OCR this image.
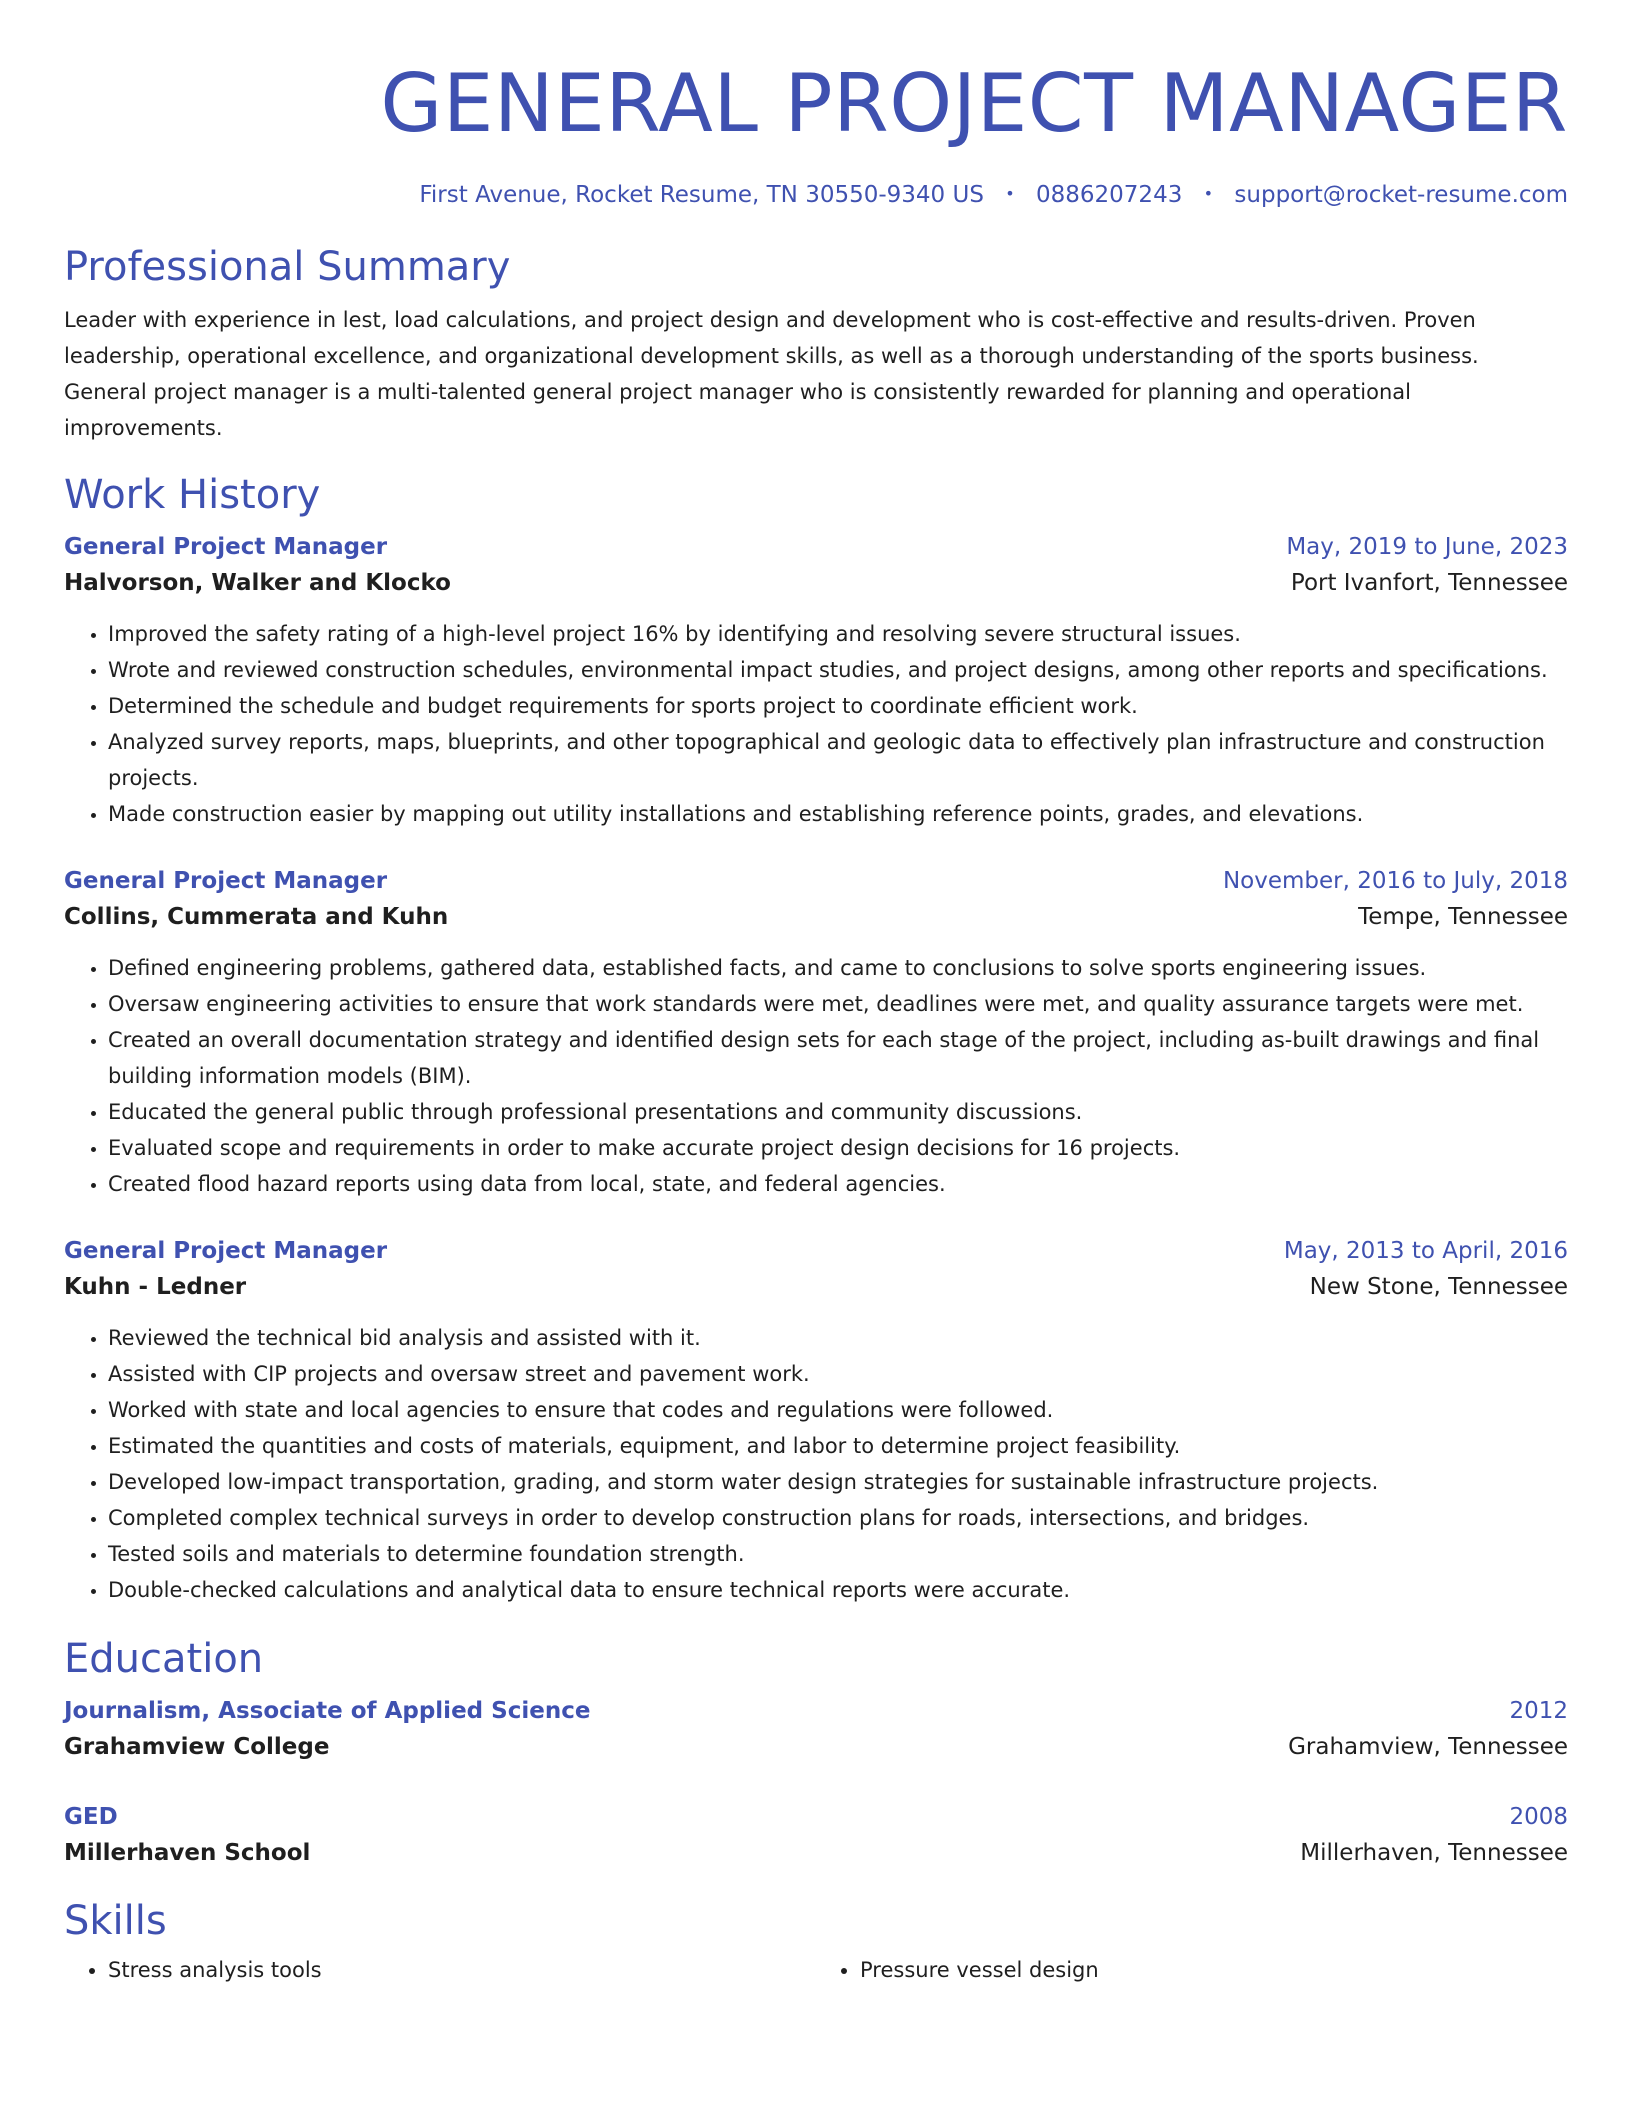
GENERAL PROJECT MANAGER
First Avenue, Rocket Resume, TN 30550-9340 US • 0886207243 • support@rocket-resume.com
Professional Summary

Leader with experience in lest, load calculations, and project design and development who is cost-effective and results-driven. Proven leadership, operational excellence, and organizational development skills, as well as a thorough understanding of the sports business. General project manager is a multi-talented general project manager who is consistently rewarded for planning and operational improvements.

Work History
General Project Manager	May, 2019 to June, 2023
Halvorson, Walker and Klocko	Port Ivanfort, Tennessee
• Improved the safety rating of a high-level project 16% by identifying and resolving severe structural issues.
• Wrote and reviewed construction schedules, environmental impact studies, and project designs, among other reports and specifications.
• Determined the schedule and budget requirements for sports project to coordinate efficient work.
• Analyzed survey reports, maps, blueprints, and other topographical and geologic data to effectively plan infrastructure and construction projects.
• Made construction easier by mapping out utility installations and establishing reference points, grades, and elevations.
General Project Manager	November, 2016 to July, 2018
Collins, Cummerata and Kuhn	Tempe, Tennessee
• Defined engineering problems, gathered data, established facts, and came to conclusions to solve sports engineering issues.
• Oversaw engineering activities to ensure that work standards were met, deadlines were met, and quality assurance targets were met.
• Created an overall documentation strategy and identified design sets for each stage of the project, including as-built drawings and final building information models (BIM).
• Educated the general public through professional presentations and community discussions.
• Evaluated scope and requirements in order to make accurate project design decisions for 16 projects.
• Created flood hazard reports using data from local, state, and federal agencies.
General Project Manager	May, 2013 to April, 2016
Kuhn - Ledner	New Stone, Tennessee
• Reviewed the technical bid analysis and assisted with it.
• Assisted with CIP projects and oversaw street and pavement work.
• Worked with state and local agencies to ensure that codes and regulations were followed.
• Estimated the quantities and costs of materials, equipment, and labor to determine project feasibility.
• Developed low-impact transportation, grading, and storm water design strategies for sustainable infrastructure projects.
• Completed complex technical surveys in order to develop construction plans for roads, intersections, and bridges.
• Tested soils and materials to determine foundation strength.
• Double-checked calculations and analytical data to ensure technical reports were accurate.
Education
Journalism, Associate of Applied Science	2012
Grahamview College	Grahamview, Tennessee
GED	2008
Millerhaven School	Millerhaven, Tennessee
Skills
• Stress analysis tools
•	Pressure vessel design
